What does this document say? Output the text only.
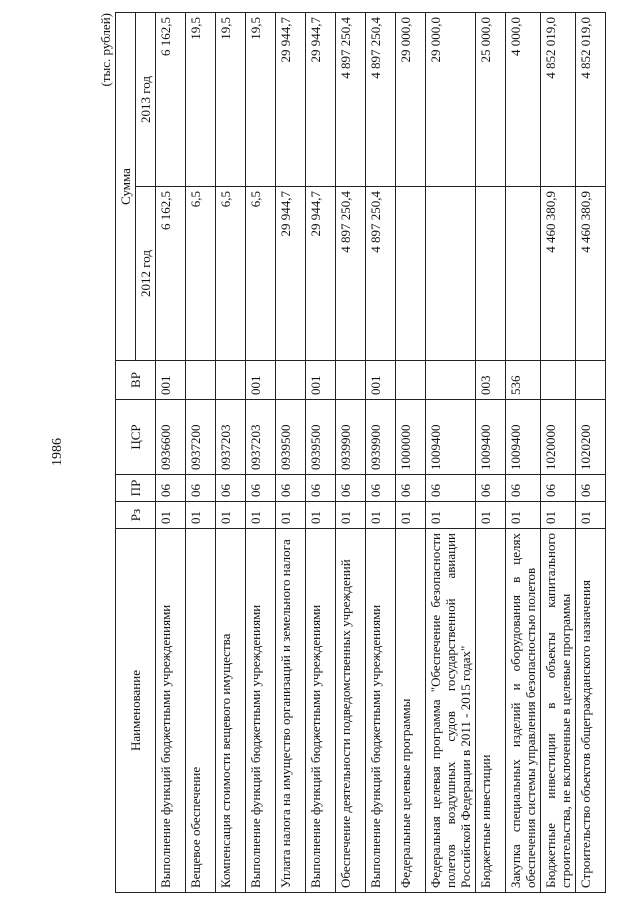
1986
(тыс. рублей)
Наименование	Рз	ПР	ЦСР	ВР	Сумма	
					2012 год	2013 год
Выполнение функций бюджетными учреждениями	01	06	0936600	001	6 162,5	6 162,5
Вещевое обеспечение	01	06	0937200		6,5	19,5
Компенсация стоимости вещевого имущества	01	06	0937203		6,5	19,5
Выполнение функций бюджетными учреждениями	01	06	0937203	001	6,5	19,5
Уплата налога на имущество организаций и земельного налога	01	06	0939500		29 944,7	29 944,7
Выполнение функций бюджетными учреждениями	01	06	0939500	001	29 944,7	29 944,7
Обеспечение деятельности подведомственных учреждений	01	06	0939900		4 897 250,4	4 897 250,4
Выполнение функций бюджетными учреждениями	01	06	0939900	001	4 897 250,4	4 897 250,4
Федеральные целевые программы	01	06	1000000			29 000,0
Федеральная целевая программа "Обеспечение безопасности полетов воздушных судов государственной авиации Российской Федерации в 2011 - 2015 годах"	01	06	1009400			29 000,0
Бюджетные инвестиции	01	06	1009400	003		25 000,0
Закупка специальных изделий и оборудования в целях обеспечения системы управления безопасностью полетов	01	06	1009400	536		4 000,0
Бюджетные инвестиции в объекты капитального строительства, не включенные в целевые программы	01	06	1020000		4 460 380,9	4 852 019,0
Строительство объектов общегражданского назначения	01	06	1020200		4 460 380,9	4 852 019,0
